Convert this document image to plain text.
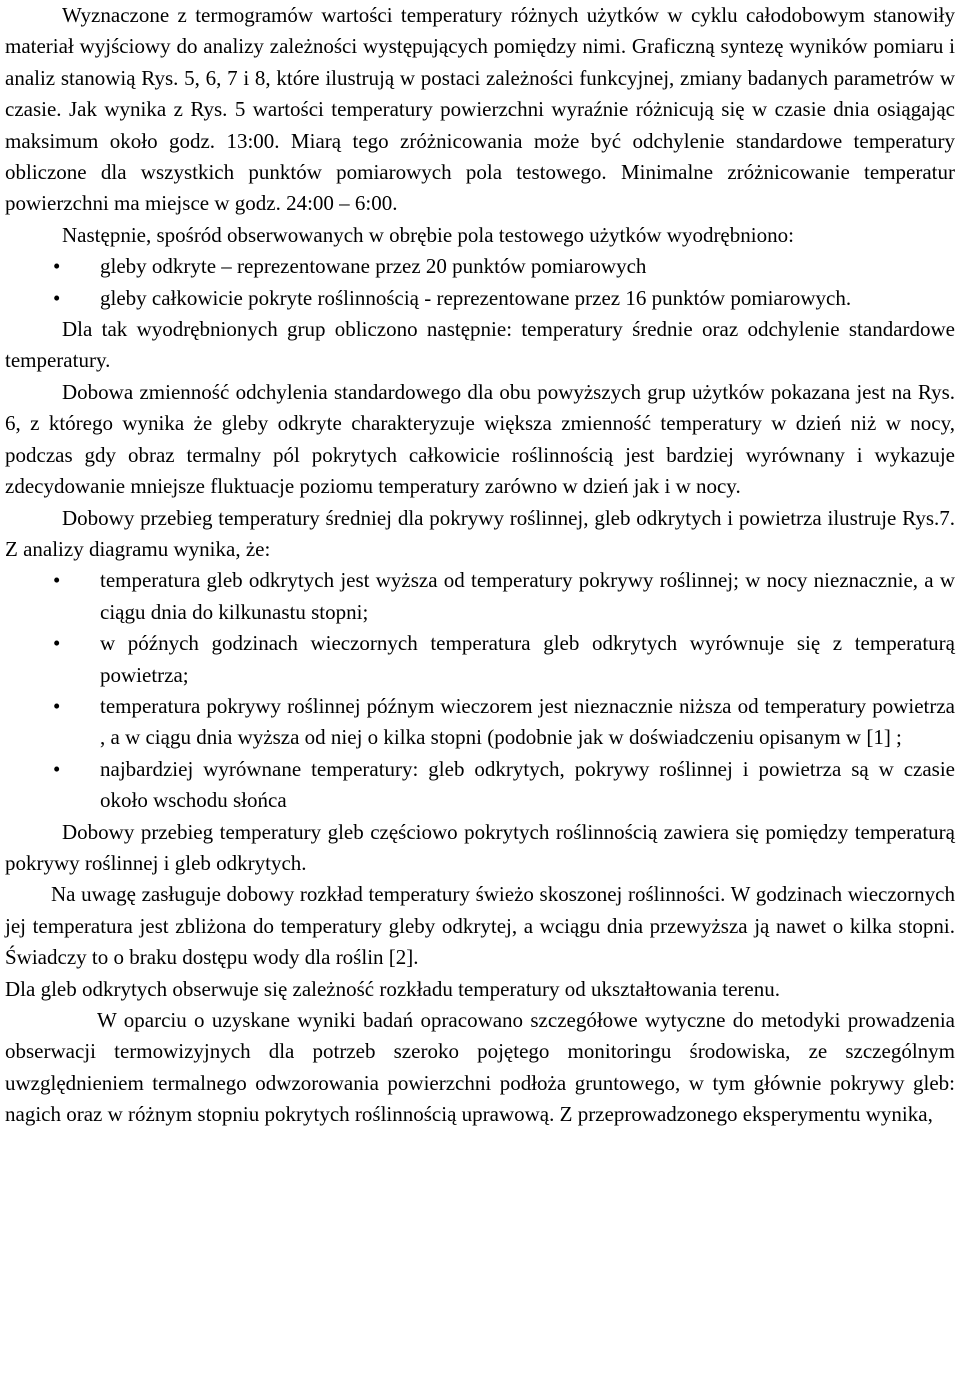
Wyznaczone z termogramów wartości temperatury różnych użytków w cyklu całodobowym stanowiły materiał wyjściowy do analizy zależności występujących pomiędzy nimi. Graficzną syntezę wyników pomiaru i analiz stanowią Rys. 5, 6, 7 i 8, które ilustrują w postaci zależności funkcyjnej, zmiany badanych parametrów w czasie. Jak wynika z Rys. 5 wartości temperatury powierzchni wyraźnie różnicują się w czasie dnia osiągając maksimum około godz. 13:00. Miarą tego zróżnicowania może być odchylenie standardowe temperatury obliczone dla wszystkich punktów pomiarowych pola testowego. Minimalne zróżnicowanie temperatur powierzchni ma miejsce w godz. 24:00 – 6:00.

Następnie, spośród obserwowanych w obrębie pola testowego użytków wyodrębniono:

• gleby odkryte – reprezentowane przez 20 punktów pomiarowych
• gleby całkowicie pokryte roślinnością - reprezentowane przez 16 punktów pomiarowych.

Dla tak wyodrębnionych grup obliczono następnie: temperatury średnie oraz odchylenie standardowe temperatury.

Dobowa zmienność odchylenia standardowego dla obu powyższych grup użytków pokazana jest na Rys. 6, z którego wynika że gleby odkryte charakteryzuje większa zmienność temperatury w dzień niż w nocy, podczas gdy obraz termalny pól pokrytych całkowicie roślinnością jest bardziej wyrównany i wykazuje zdecydowanie mniejsze fluktuacje poziomu temperatury zarówno w dzień jak i w nocy.

Dobowy przebieg temperatury średniej dla pokrywy roślinnej, gleb odkrytych i powietrza ilustruje Rys.7. Z analizy diagramu wynika, że:

• temperatura gleb odkrytych jest wyższa od temperatury pokrywy roślinnej; w nocy nieznacznie, a w ciągu dnia do kilkunastu stopni;
• w późnych godzinach wieczornych temperatura gleb odkrytych wyrównuje się z temperaturą powietrza;
• temperatura pokrywy roślinnej późnym wieczorem jest nieznacznie niższa od temperatury powietrza , a w ciągu dnia wyższa od niej o kilka stopni (podobnie jak w doświadczeniu opisanym w [1] ;
• najbardziej wyrównane temperatury: gleb odkrytych, pokrywy roślinnej i powietrza są w czasie około wschodu słońca

Dobowy przebieg temperatury gleb częściowo pokrytych roślinnością zawiera się pomiędzy temperaturą pokrywy roślinnej i gleb odkrytych.

Na uwagę zasługuje dobowy rozkład temperatury świeżo skoszonej roślinności. W godzinach wieczornych jej temperatura jest zbliżona do temperatury gleby odkrytej, a wciągu dnia przewyższa ją nawet o kilka stopni. Świadczy to o braku dostępu wody dla roślin [2].

Dla gleb odkrytych obserwuje się zależność rozkładu temperatury od ukształtowania terenu.

W oparciu o uzyskane wyniki badań opracowano szczegółowe wytyczne do metodyki prowadzenia obserwacji termowizyjnych dla potrzeb szeroko pojętego monitoringu środowiska, ze szczególnym uwzględnieniem termalnego odwzorowania powierzchni podłoża gruntowego, w tym głównie pokrywy gleb: nagich oraz w różnym stopniu pokrytych roślinnością uprawową. Z przeprowadzonego eksperymentu wynika,
